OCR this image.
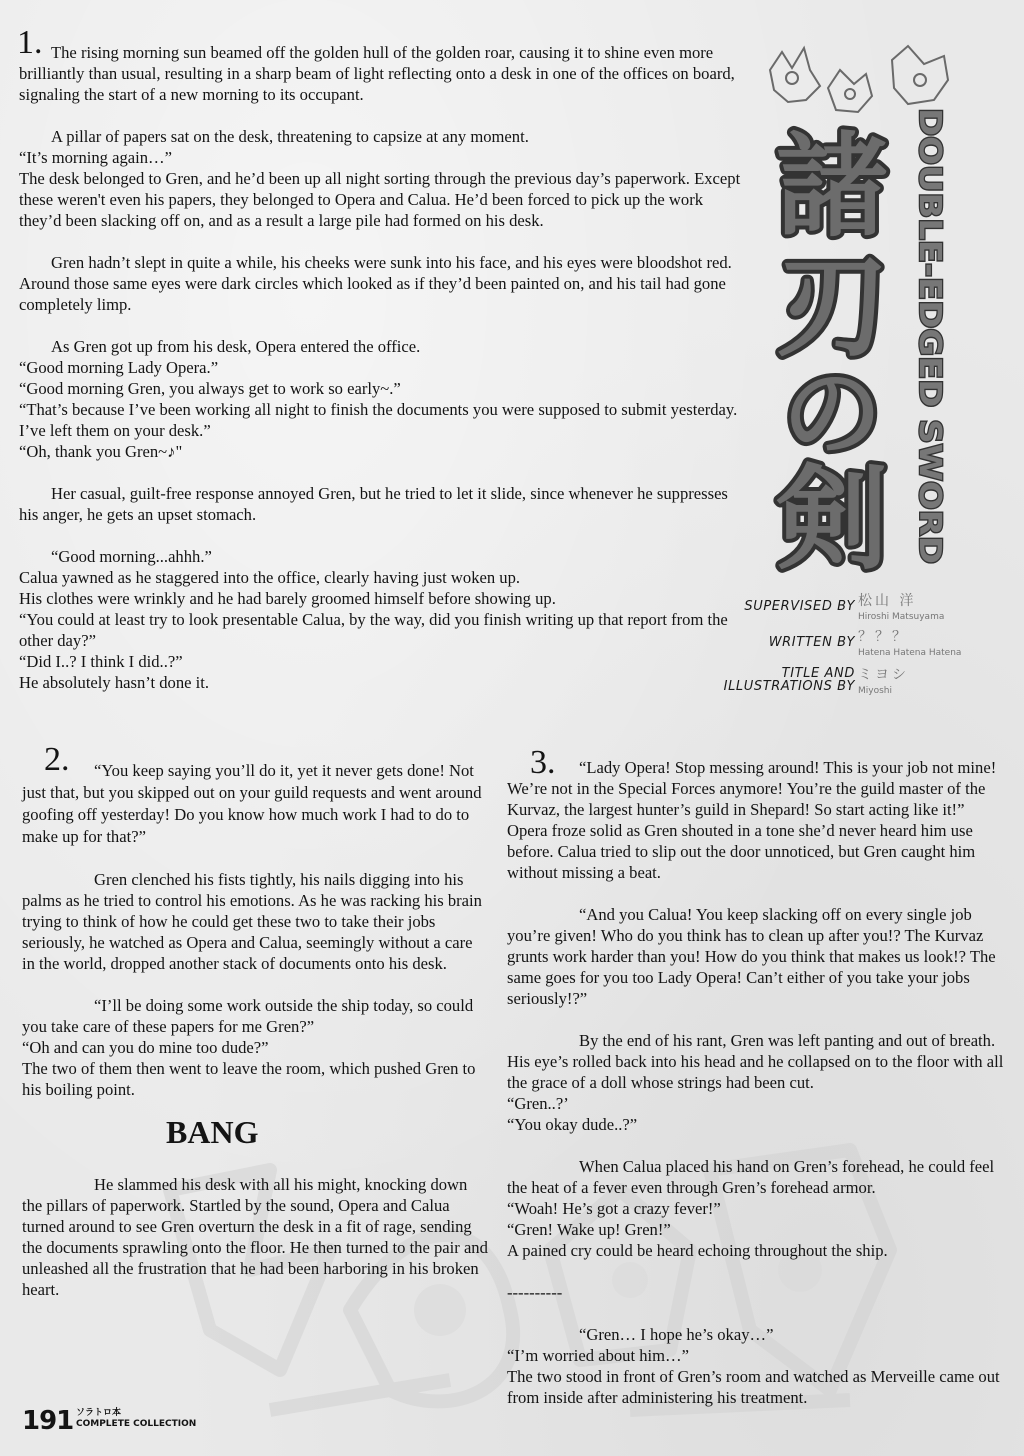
1. The rising morning sun beamed off the golden hull of the golden roar, causing it to shine even more brilliantly than usual, resulting in a sharp beam of light reflecting onto a desk in one of the offices on board, signaling the start of a new morning to its occupant.

A pillar of papers sat on the desk, threatening to capsize at any moment.

“It’s morning again…”

The desk belonged to Gren, and he’d been up all night sorting through the previous day’s paperwork. Except these weren't even his papers, they belonged to Opera and Calua. He’d been forced to pick up the work they’d been slacking off on, and as a result a large pile had formed on his desk.

Gren hadn’t slept in quite a while, his cheeks were sunk into his face, and his eyes were bloodshot red. Around those same eyes were dark circles which looked as if they’d been painted on, and his tail had gone completely limp.

As Gren got up from his desk, Opera entered the office.

“Good morning Lady Opera.”

“Good morning Gren, you always get to work so early~.”

“That’s because I’ve been working all night to finish the documents you were supposed to submit yesterday. I’ve left them on your desk.”

“Oh, thank you Gren~♪"

Her casual, guilt-free response annoyed Gren, but he tried to let it slide, since whenever he suppresses his anger, he gets an upset stomach.

“Good morning...ahhh.”

Calua yawned as he staggered into the office, clearly having just woken up.

His clothes were wrinkly and he had barely groomed himself before showing up.

“You could at least try to look presentable Calua, by the way, did you finish writing up that report from the other day?”

“Did I..? I think I did..?”

He absolutely hasn’t done it.

諸
刃
の
剣
DOUBLE-EDGED SWORD
SUPERVISED BY 松山 洋
Hiroshi Matsuyama
WRITTEN BY ？？？
Hatena Hatena Hatena
TITLE AND
ILLUSTRATIONS BY
ミヨシ
Miyoshi
2.	“You keep saying you’ll do it, yet it never gets done! Not just that, but you skipped out on your guild requests and went around goofing off yesterday! Do you know how much work I had to do to make up for that?”

Gren clenched his fists tightly, his nails digging into his palms as he tried to control his emotions. As he was racking his brain trying to think of how he could get these two to take their jobs seriously, he watched as Opera and Calua, seemingly without a care in the world, dropped another stack of documents onto his desk.

“I’ll be doing some work outside the ship today, so could you take care of these papers for me Gren?”

“Oh and can you do mine too dude?”

The two of them then went to leave the room, which pushed Gren to his boiling point.

BANG

He slammed his desk with all his might, knocking down the pillars of paperwork. Startled by the sound, Opera and Calua turned around to see Gren overturn the desk in a fit of rage, sending the documents sprawling onto the floor. He then turned to the pair and unleashed all the frustration that he had been harboring in his broken heart.

3.	“Lady Opera! Stop messing around! This is your job not mine! We’re not in the Special Forces anymore! You’re the guild master of the Kurvaz, the largest hunter’s guild in Shepard! So start acting like it!”

Opera froze solid as Gren shouted in a tone she’d never heard him use before. Calua tried to slip out the door unnoticed, but Gren caught him without missing a beat.

“And you Calua! You keep slacking off on every single job you’re given! Who do you think has to clean up after you!? The Kurvaz grunts work harder than you! How do you think that makes us look!? The same goes for you too Lady Opera! Can’t either of you take your jobs seriously!?”

By the end of his rant, Gren was left panting and out of breath. His eye’s rolled back into his head and he collapsed on to the floor with all the grace of a doll whose strings had been cut.

“Gren..?’

“You okay dude..?”

When Calua placed his hand on Gren’s forehead, he could feel the heat of a fever even through Gren’s forehead armor.

“Woah! He’s got a crazy fever!”

“Gren! Wake up! Gren!”

A pained cry could be heard echoing throughout the ship.

----------

“Gren… I hope he’s okay…”

“I’m worried about him…”

The two stood in front of Gren’s room and watched as Merveille came out from inside after administering his treatment.

191 ソラトロ本
COMPLETE COLLECTION
